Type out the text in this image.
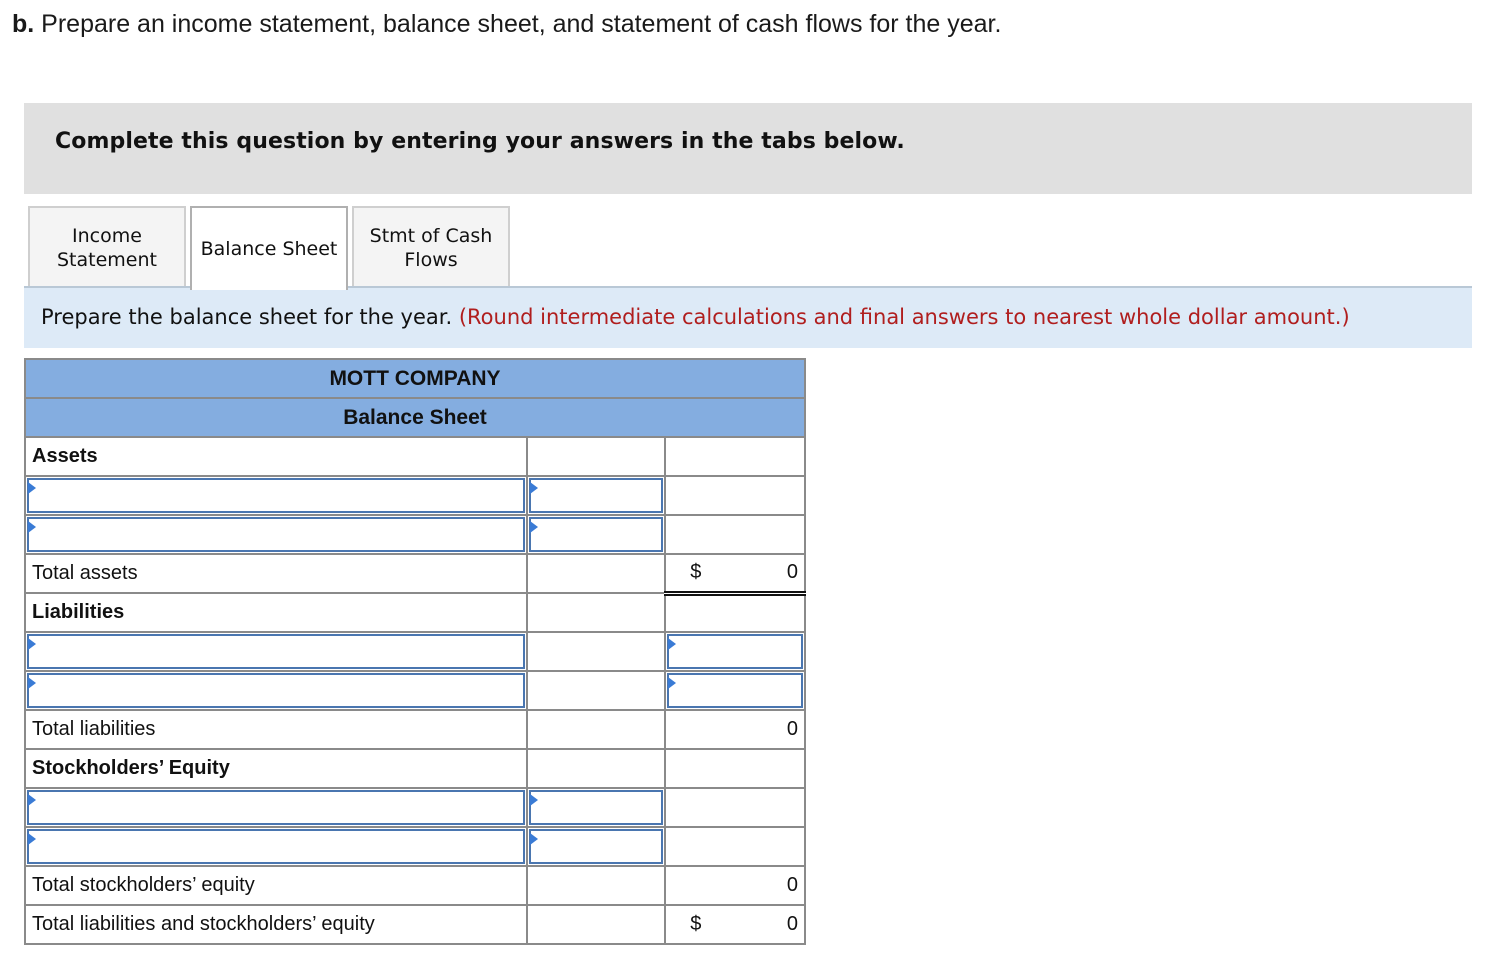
b. Prepare an income statement, balance sheet, and statement of cash flows for the year.
Complete this question by entering your answers in the tabs below.
Income Statement Balance Sheet
Stmt of Cash Flows
Prepare the balance sheet for the year. (Round intermediate calculations and final answers to nearest whole dollar amount.)
MOTT COMPANY		
Balance Sheet		
Assets		

Total assets		$ 0

Liabilities		

Total liabilities		0
Stockholders’ Equity		

Total stockholders’ equity		0
Total liabilities and stockholders’ equity		$ 0
